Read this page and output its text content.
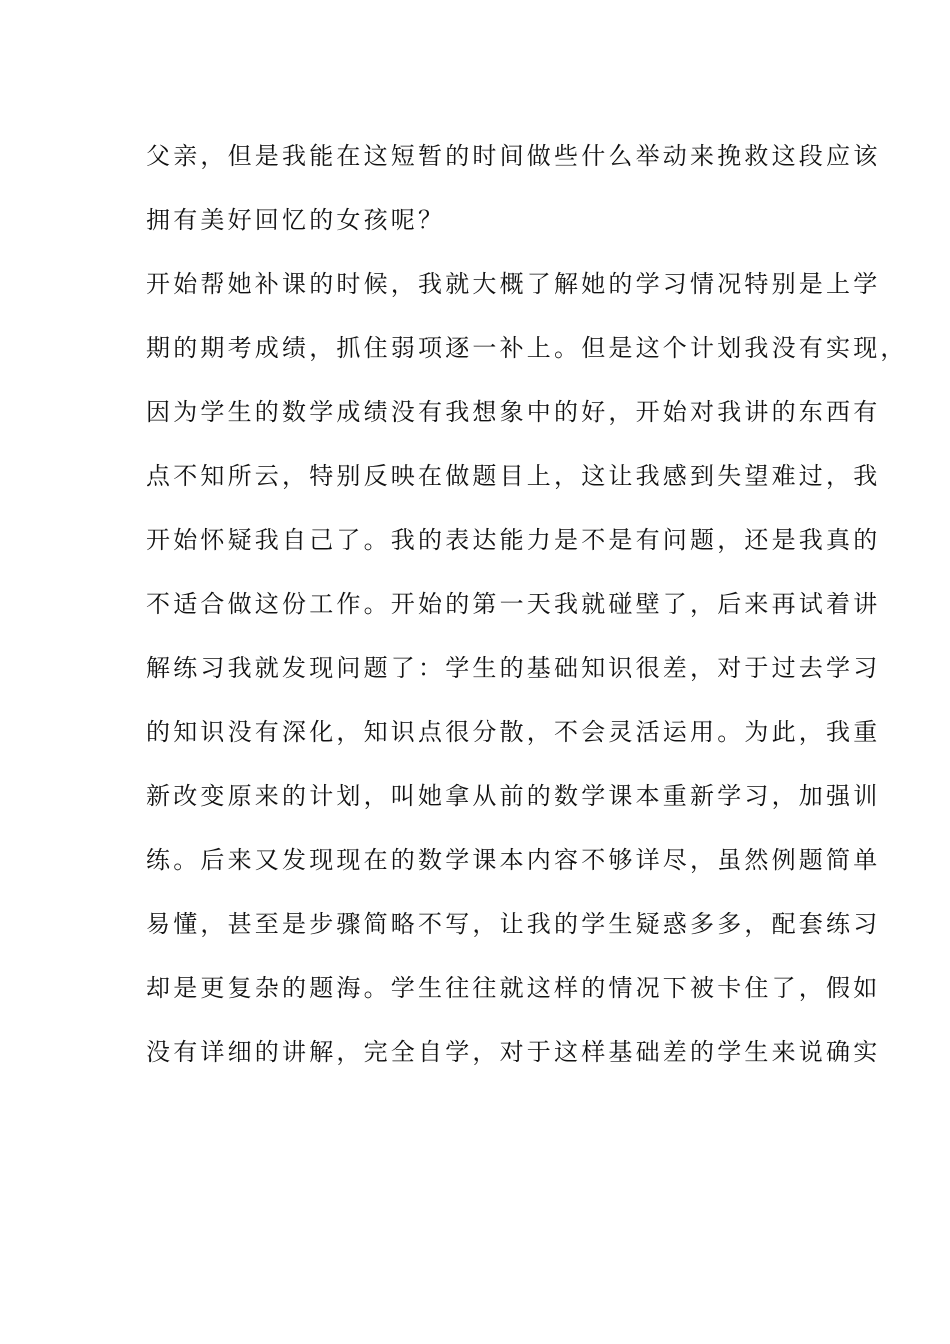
父亲，但是我能在这短暂的时间做些什么举动来挽救这段应该
拥有美好回忆的女孩呢？
开始帮她补课的时候，我就大概了解她的学习情况特别是上学
期的期考成绩，抓住弱项逐一补上。但是这个计划我没有实现，
因为学生的数学成绩没有我想象中的好，开始对我讲的东西有
点不知所云，特别反映在做题目上，这让我感到失望难过，我
开始怀疑我自己了。我的表达能力是不是有问题，还是我真的
不适合做这份工作。开始的第一天我就碰壁了，后来再试着讲
解练习我就发现问题了：学生的基础知识很差，对于过去学习
的知识没有深化，知识点很分散，不会灵活运用。为此，我重
新改变原来的计划，叫她拿从前的数学课本重新学习，加强训
练。后来又发现现在的数学课本内容不够详尽，虽然例题简单
易懂，甚至是步骤简略不写，让我的学生疑惑多多，配套练习
却是更复杂的题海。学生往往就这样的情况下被卡住了，假如
没有详细的讲解，完全自学，对于这样基础差的学生来说确实
